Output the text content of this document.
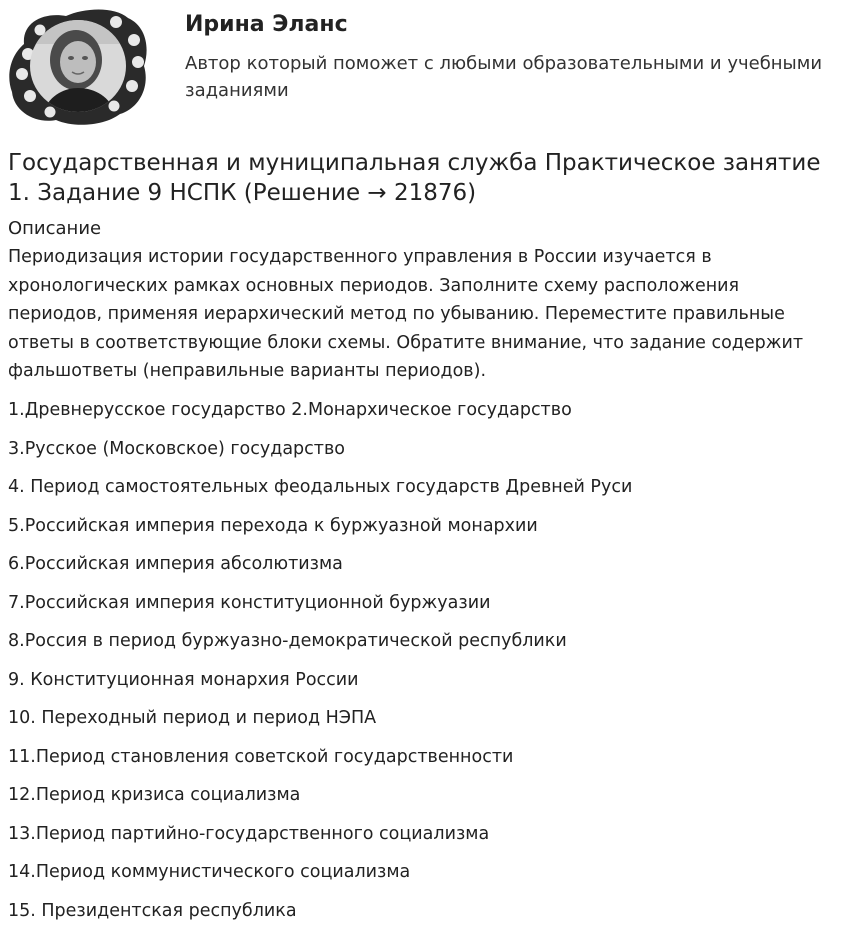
Ирина Эланс
Автор который поможет с любыми образовательными и учебными заданиями
Государственная и муниципальная служба Практическое занятие 1. Задание 9 НСПК (Решение → 21876)
Описание

Периодизация истории государственного управления в России изучается в хронологических рамках основных периодов. Заполните схему расположения периодов, применяя иерархический метод по убыванию. Переместите правильные ответы в соответствующие блоки схемы. Обратите внимание, что задание содержит фальшответы (неправильные варианты периодов).

1.Древнерусское государство 2.Монархическое государство
3.Русское (Московское) государство
4. Период самостоятельных феодальных государств Древней Руси
5.Российская империя перехода к буржуазной монархии
6.Российская империя абсолютизма
7.Российская империя конституционной буржуазии
8.Россия в период буржуазно-демократической республики
9. Конституционная монархия России
10. Переходный период и период НЭПА
11.Период становления советской государственности
12.Период кризиса социализма
13.Период партийно-государственного социализма
14.Период коммунистического социализма
15. Президентская республика
